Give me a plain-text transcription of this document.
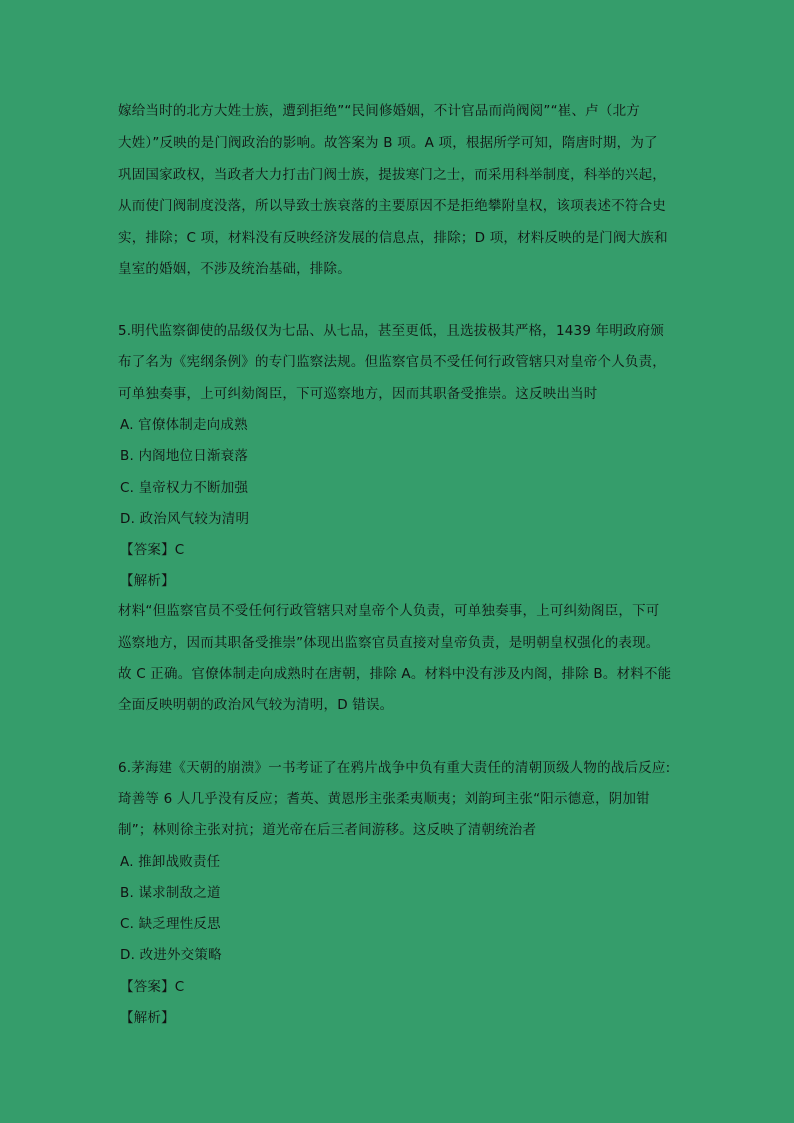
嫁给当时的北方大姓士族，遭到拒绝”“民间修婚姻，不计官品而尚阀阅”“崔、卢（北方
大姓）”反映的是门阀政治的影响。故答案为 B 项。A 项，根据所学可知，隋唐时期，为了
巩固国家政权，当政者大力打击门阀士族，提拔寒门之士，而采用科举制度，科举的兴起，
从而使门阀制度没落，所以导致士族衰落的主要原因不是拒绝攀附皇权，该项表述不符合史
实，排除；C 项，材料没有反映经济发展的信息点，排除；D 项，材料反映的是门阀大族和
皇室的婚姻，不涉及统治基础，排除。
5.明代监察御使的品级仅为七品、从七品，甚至更低，且选拔极其严格，1439 年明政府颁
布了名为《宪纲条例》的专门监察法规。但监察官员不受任何行政管辖只对皇帝个人负责，
可单独奏事，上可纠劾阁臣，下可巡察地方，因而其职备受推崇。这反映出当时
A. 官僚体制走向成熟
B. 内阁地位日渐衰落
C. 皇帝权力不断加强
D. 政治风气较为清明
【答案】C
【解析】
材料“但监察官员不受任何行政管辖只对皇帝个人负责，可单独奏事，上可纠劾阁臣，下可
巡察地方，因而其职备受推崇”体现出监察官员直接对皇帝负责，是明朝皇权强化的表现。
故 C 正确。官僚体制走向成熟时在唐朝，排除 A。材料中没有涉及内阁，排除 B。材料不能
全面反映明朝的政治风气较为清明，D 错误。
6.茅海建《天朝的崩溃》一书考证了在鸦片战争中负有重大责任的清朝顶级人物的战后反应:
琦善等 6 人几乎没有反应；耆英、黄恩彤主张柔夷顺夷；刘韵珂主张“阳示德意，阴加钳
制”；林则徐主张对抗；道光帝在后三者间游移。这反映了清朝统治者
A. 推卸战败责任
B. 谋求制敌之道
C. 缺乏理性反思
D. 改进外交策略
【答案】C
【解析】
